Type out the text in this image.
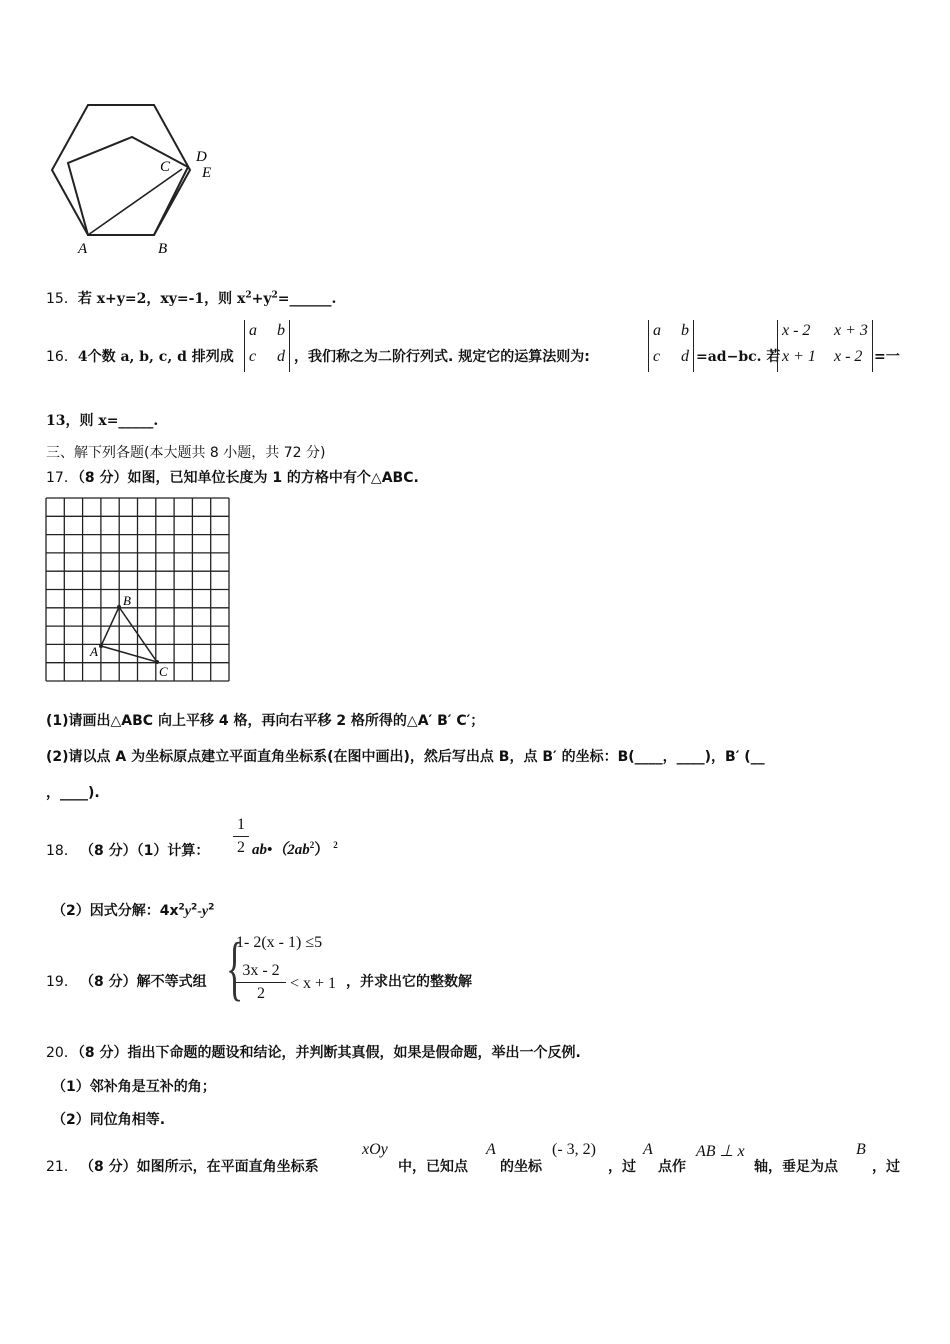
A	B
C
D
E
15．若 x+y=2，xy=-1，则 $x^2+y^2=\_\_\_\_\_\_$.
16．4个数 a, b, c, d 排列成
a b
c d ，我们称之为二阶行列式. 规定它的运算法则为:
a b
c d =ad−bc. 若
x - 2 x + 3
x + 1 x - 2 =一
13，则 x=_____.
三、解下列各题(本大题共 8 小题，共 72 分)
17．（8 分）如图，已知单位长度为 1 的方格中有个△ABC.
A
B
C
(1)请画出△ABC 向上平移 4 格，再向右平移 2 格所得的△A′ B′ C′；
(2)请以点 A 为坐标原点建立平面直角坐标系(在图中画出)，然后写出点 B，点 B′ 的坐标：B(____，____)，B′ (__
，____).
18． （8 分）（1）计算： $\frac{1}{2}$ $ab•(2ab^2)$ $^2$
（2）因式分解：$4x^2y^2-y^2$
19． （8 分）解不等式组 {
1- 2(x - 1) ≤5
$\frac{3x - 2}{2} < x + 1$ ，并求出它的整数解
20．（8 分）指出下命题的题设和结论，并判断其真假，如果是假命题，举出一个反例.
（1）邻补角是互补的角；
（2）同位角相等.
21． （8 分）如图所示，在平面直角坐标系
xOy
中，已知点
A
的坐标
(- 3, 2)
，过
A
点作
AB ⊥ x
轴，垂足为点
B
，过
